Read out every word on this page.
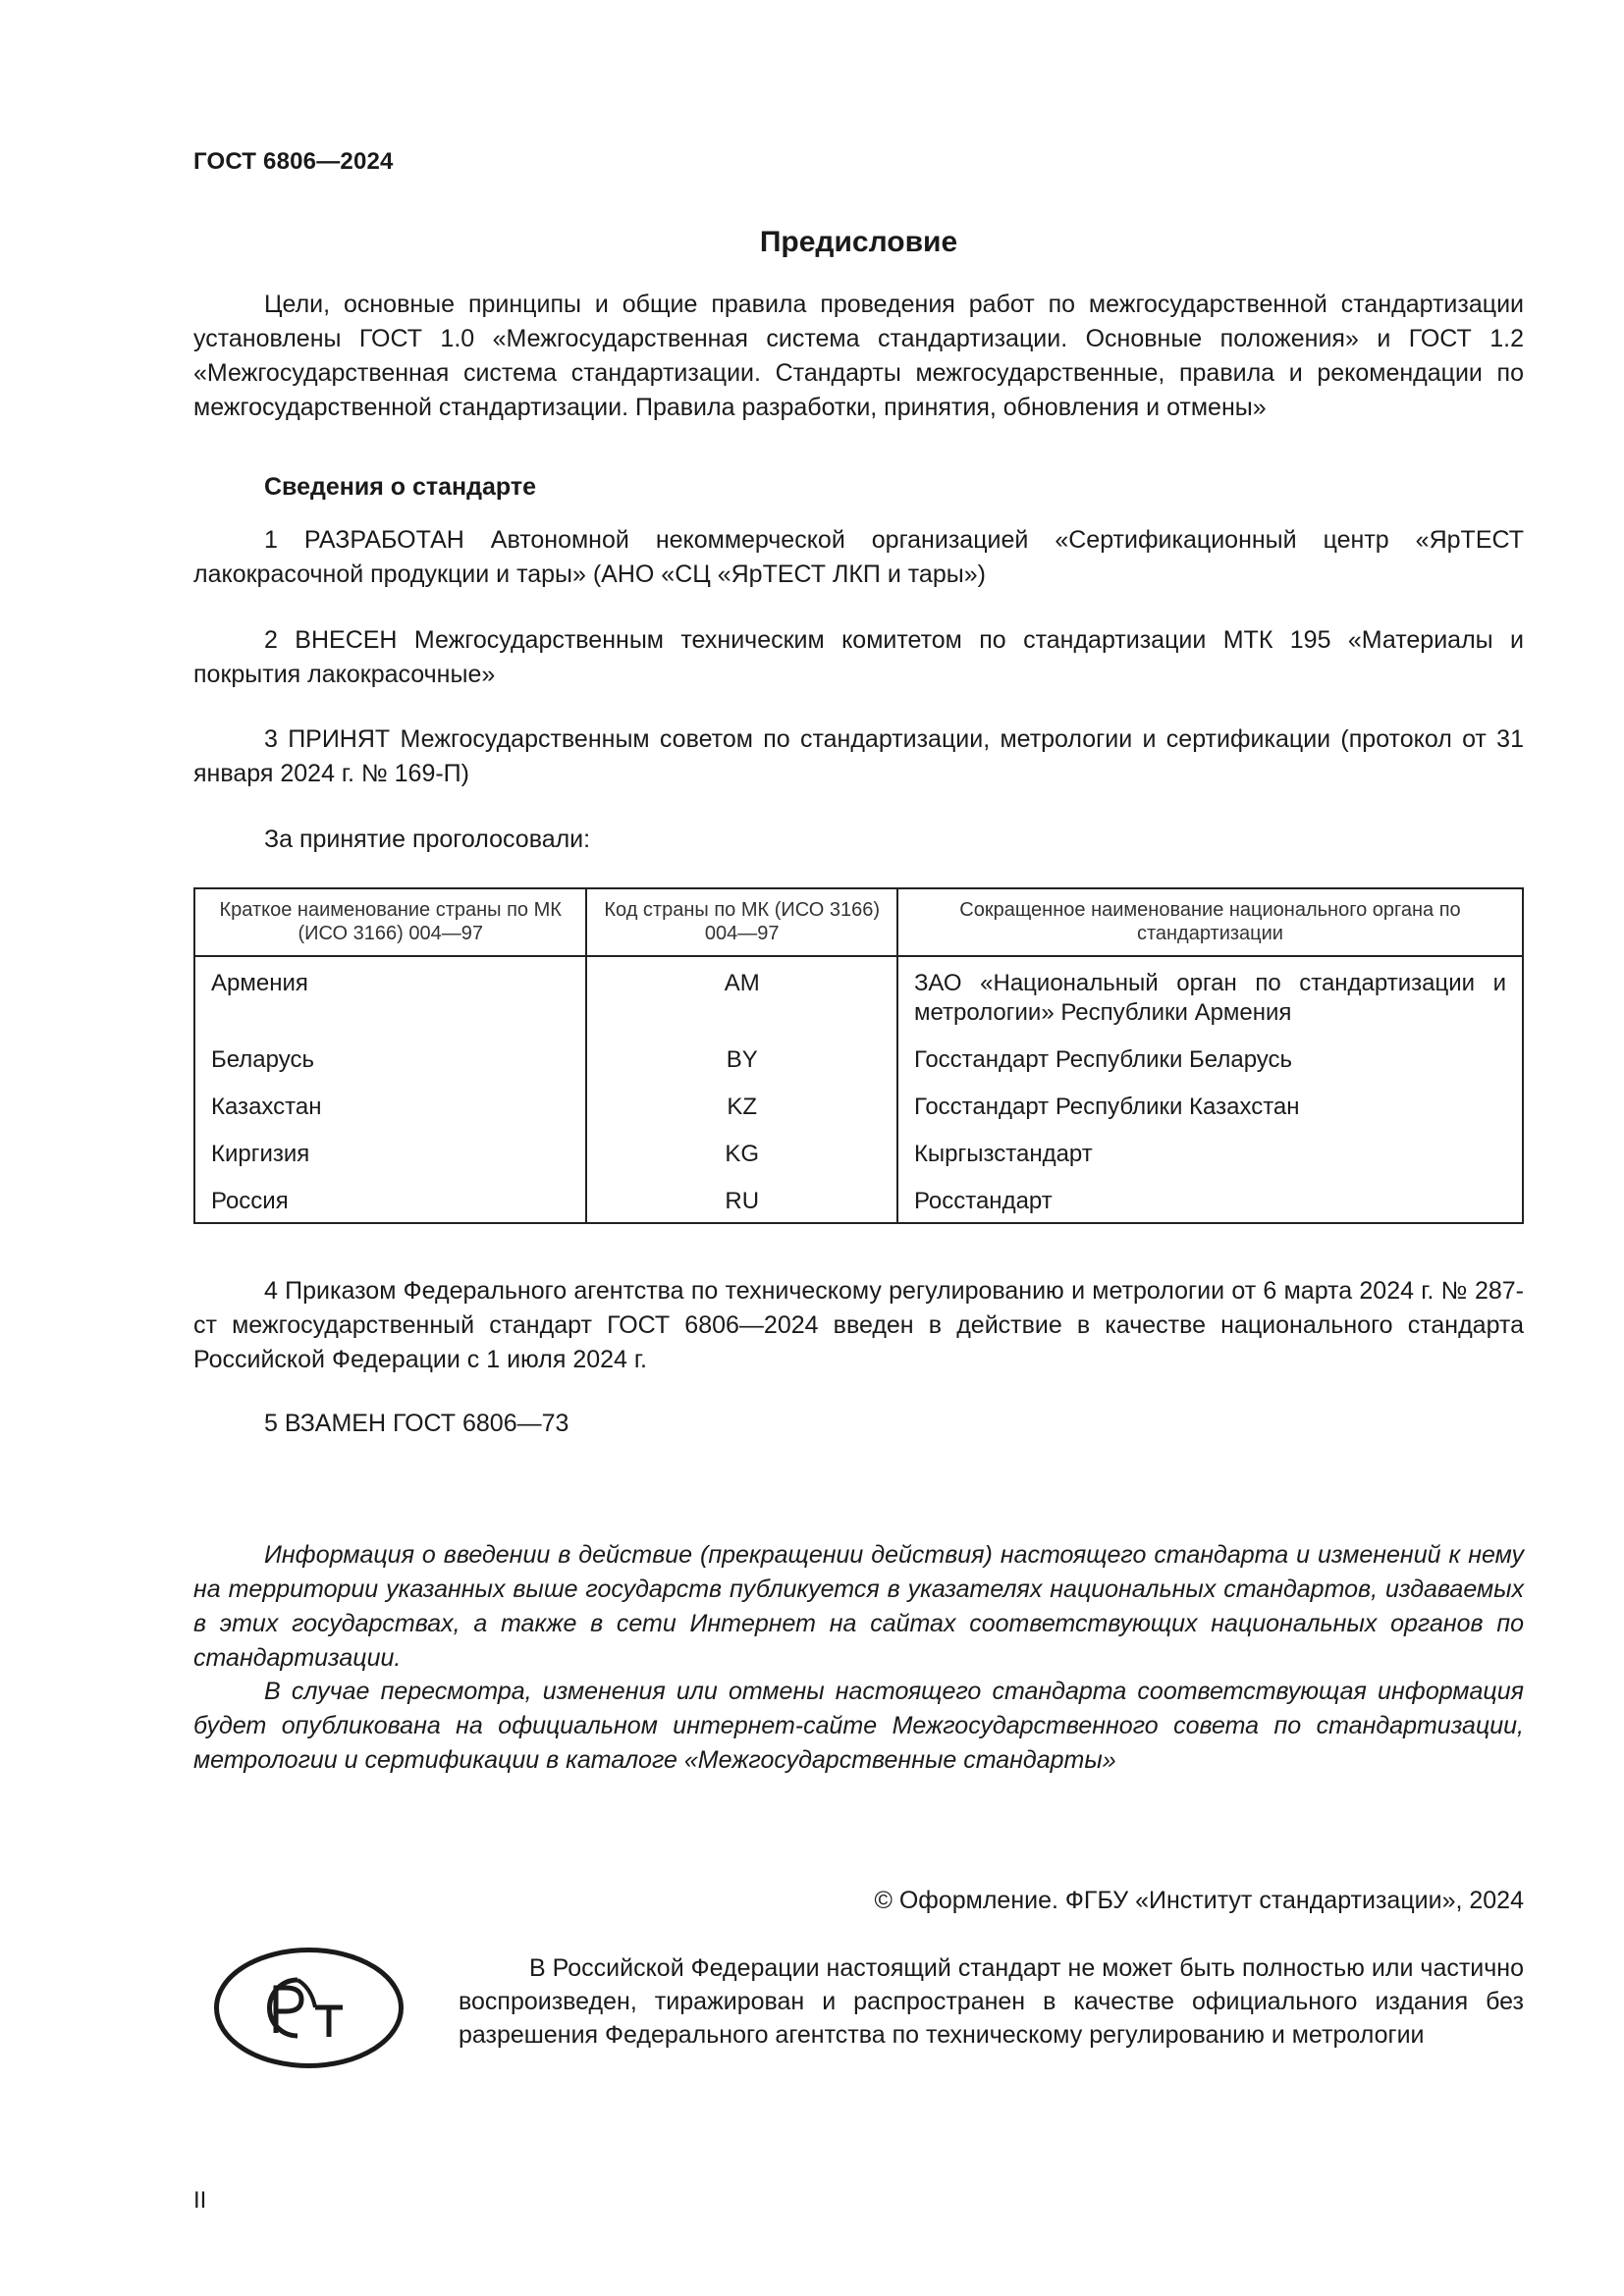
ГОСТ 6806—2024
Предисловие

Цели, основные принципы и общие правила проведения работ по межгосударственной стандартизации установлены ГОСТ 1.0 «Межгосударственная система стандартизации. Основные положения» и ГОСТ 1.2 «Межгосударственная система стандартизации. Стандарты межгосударственные, правила и рекомендации по межгосударственной стандартизации. Правила разработки, принятия, обновления и отмены»

Сведения о стандарте

1 РАЗРАБОТАН Автономной некоммерческой организацией «Сертификационный центр «ЯрТЕСТ лакокрасочной продукции и тары» (АНО «СЦ «ЯрТЕСТ ЛКП и тары»)

2 ВНЕСЕН Межгосударственным техническим комитетом по стандартизации МТК 195 «Материалы и покрытия лакокрасочные»

3 ПРИНЯТ Межгосударственным советом по стандартизации, метрологии и сертификации (протокол от 31 января 2024 г. № 169-П)

За принятие проголосовали:

Краткое наименование страны по МК (ИСО 3166) 004—97	Код страны по МК (ИСО 3166) 004—97	Сокращенное наименование национального органа по стандартизации
Армения	AM	ЗАО «Национальный орган по стандартизации и метрологии» Республики Армения
Беларусь	BY	Госстандарт Республики Беларусь
Казахстан	KZ	Госстандарт Республики Казахстан
Киргизия	KG	Кыргызстандарт
Россия	RU	Росстандарт

4 Приказом Федерального агентства по техническому регулированию и метрологии от 6 марта 2024 г. № 287-ст межгосударственный стандарт ГОСТ 6806—2024 введен в действие в качестве национального стандарта Российской Федерации с 1 июля 2024 г.

5 ВЗАМЕН ГОСТ 6806—73

Информация о введении в действие (прекращении действия) настоящего стандарта и изменений к нему на территории указанных выше государств публикуется в указателях национальных стандартов, издаваемых в этих государствах, а также в сети Интернет на сайтах соответствующих национальных органов по стандартизации.

В случае пересмотра, изменения или отмены настоящего стандарта соответствующая информация будет опубликована на официальном интернет-сайте Межгосударственного совета по стандартизации, метрологии и сертификации в каталоге «Межгосударственные стандарты»

© Оформление. ФГБУ «Институт стандартизации», 2024

В Российской Федерации настоящий стандарт не может быть полностью или частично воспроизведен, тиражирован и распространен в качестве официального издания без разрешения Федерального агентства по техническому регулированию и метрологии

II
